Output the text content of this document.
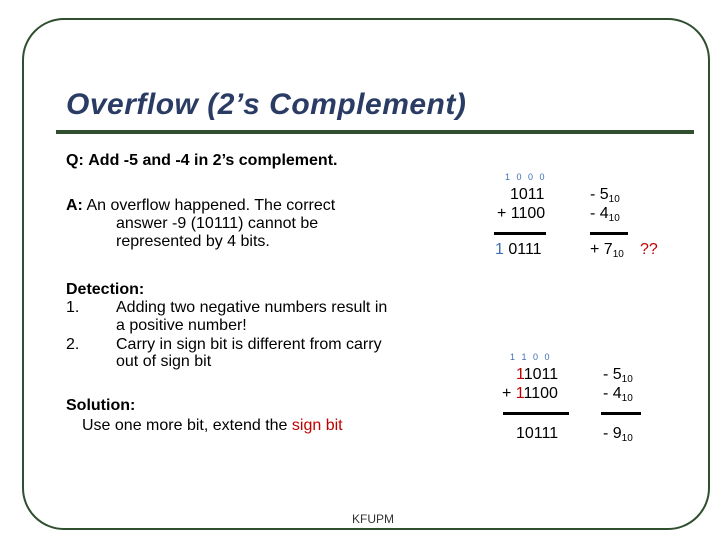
Overflow (2’s Complement)
Q: Add -5 and -4 in 2’s complement.
A: An overflow happened. The correct
answer -9 (10111) cannot be
represented by 4 bits.
Detection:
1. Adding two negative numbers result in
a positive number!
2. Carry in sign bit is different from carry
out of sign bit
Solution:
Use one more bit, extend the sign bit
1 0 0 0
1011
+ 1100
1 0111
- $5_{10}$
- $4_{10}$
+ $7_{10}$ ??
1 1 0 0
11011
+ 11100
10111
- $5_{10}$
- $4_{10}$
- $9_{10}$
KFUPM
